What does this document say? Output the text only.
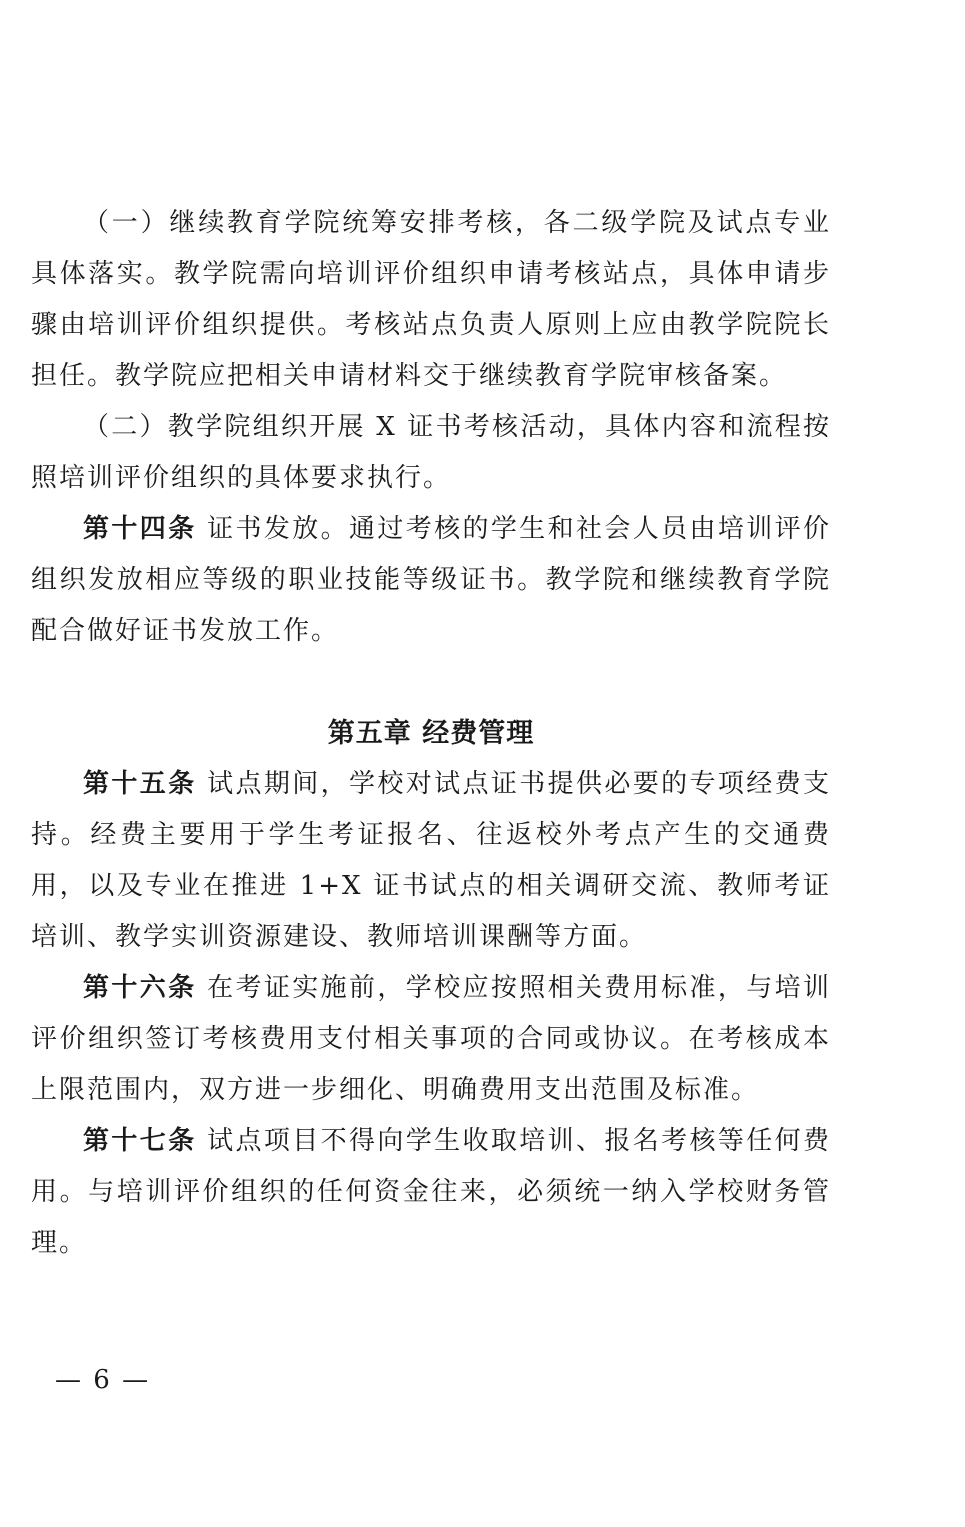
（一）继续教育学院统筹安排考核，各二级学院及试点专业具体落实。教学院需向培训评价组织申请考核站点，具体申请步骤由培训评价组织提供。考核站点负责人原则上应由教学院院长担任。教学院应把相关申请材料交于继续教育学院审核备案。

（二）教学院组织开展 X 证书考核活动，具体内容和流程按照培训评价组织的具体要求执行。

第十四条 证书发放。通过考核的学生和社会人员由培训评价组织发放相应等级的职业技能等级证书。教学院和继续教育学院配合做好证书发放工作。

第五章 经费管理

第十五条 试点期间，学校对试点证书提供必要的专项经费支持。经费主要用于学生考证报名、往返校外考点产生的交通费用，以及专业在推进 1+X 证书试点的相关调研交流、教师考证培训、教学实训资源建设、教师培训课酬等方面。

第十六条 在考证实施前，学校应按照相关费用标准，与培训评价组织签订考核费用支付相关事项的合同或协议。在考核成本上限范围内，双方进一步细化、明确费用支出范围及标准。

第十七条 试点项目不得向学生收取培训、报名考核等任何费用。与培训评价组织的任何资金往来，必须统一纳入学校财务管理。

— 6 —
